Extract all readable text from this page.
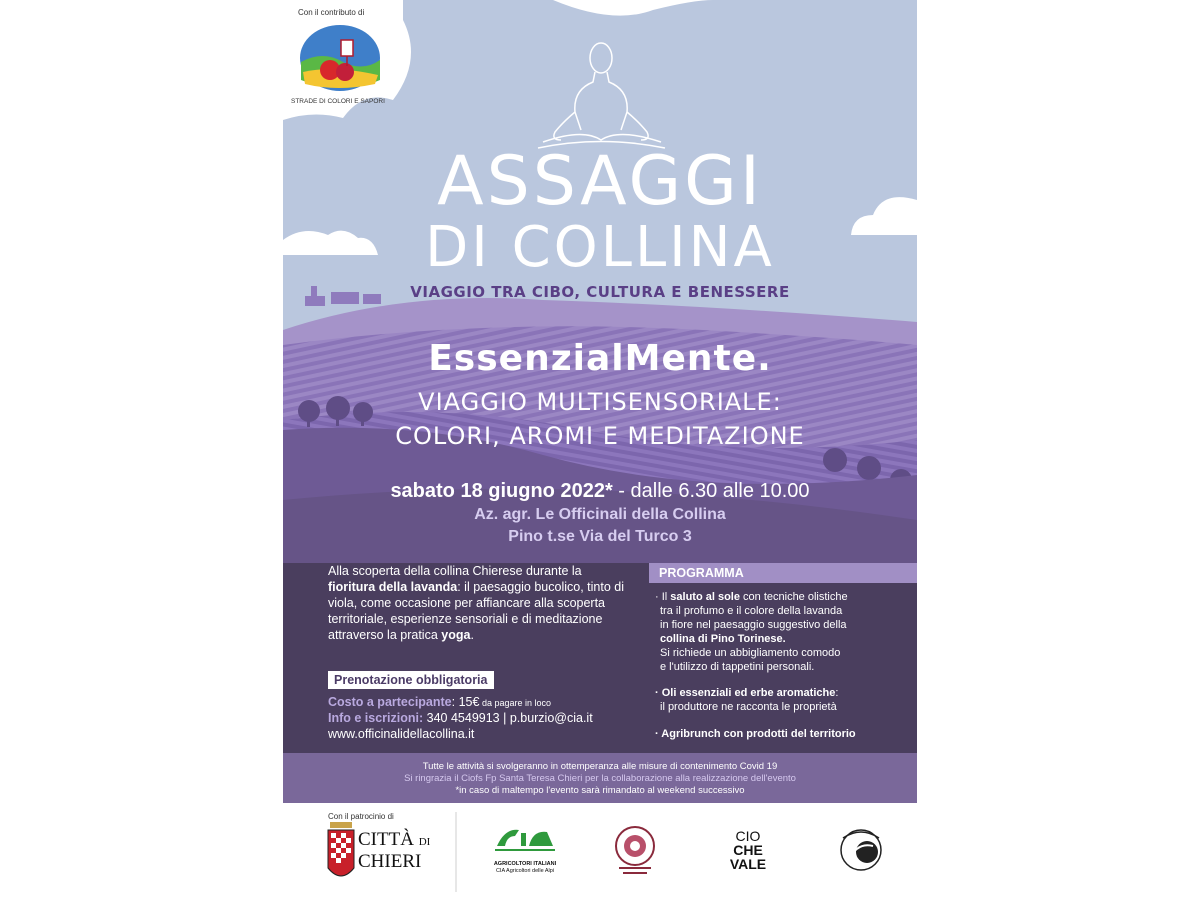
Con il contributo di
STRADE DI COLORI E SAPORI
ASSAGGI
DI COLLINA
VIAGGIO TRA CIBO, CULTURA E BENESSERE
EssenzialMente.
VIAGGIO MULTISENSORIALE:
COLORI, AROMI E MEDITAZIONE
sabato 18 giugno 2022* - dalle 6.30 alle 10.00
Az. agr. Le Officinali della Collina
Pino t.se Via del Turco 3
Alla scoperta della collina Chierese durante la fioritura della lavanda: il paesaggio bucolico, tinto di viola, come occasione per affiancare alla scoperta territoriale, esperienze sensoriali e di meditazione attraverso la pratica yoga.
PROGRAMMA
· Il saluto al sole con tecniche olistiche
tra il profumo e il colore della lavanda
in fiore nel paesaggio suggestivo della
collina di Pino Torinese.
Si richiede un abbigliamento comodo
e l'utilizzo di tappetini personali.
· Oli essenziali ed erbe aromatiche:
il produttore ne racconta le proprietà
· Agribrunch con prodotti del territorio
Prenotazione obbligatoria
Costo a partecipante: 15€ da pagare in loco
Info e iscrizioni: 340 4549913 | p.burzio@cia.it
www.officinalidellacollina.it
Tutte le attività si svolgeranno in ottemperanza alle misure di contenimento Covid 19
Si ringrazia il Ciofs Fp Santa Teresa Chieri per la collaborazione alla realizzazione dell'evento
*in caso di maltempo l'evento sarà rimandato al weekend successivo
Con il patrocinio di
CITTÀ DI
CHIERI	AGRICOLTORI ITALIANI
CIA Agricoltori delle Alpi
CIO
CHE
VALE
